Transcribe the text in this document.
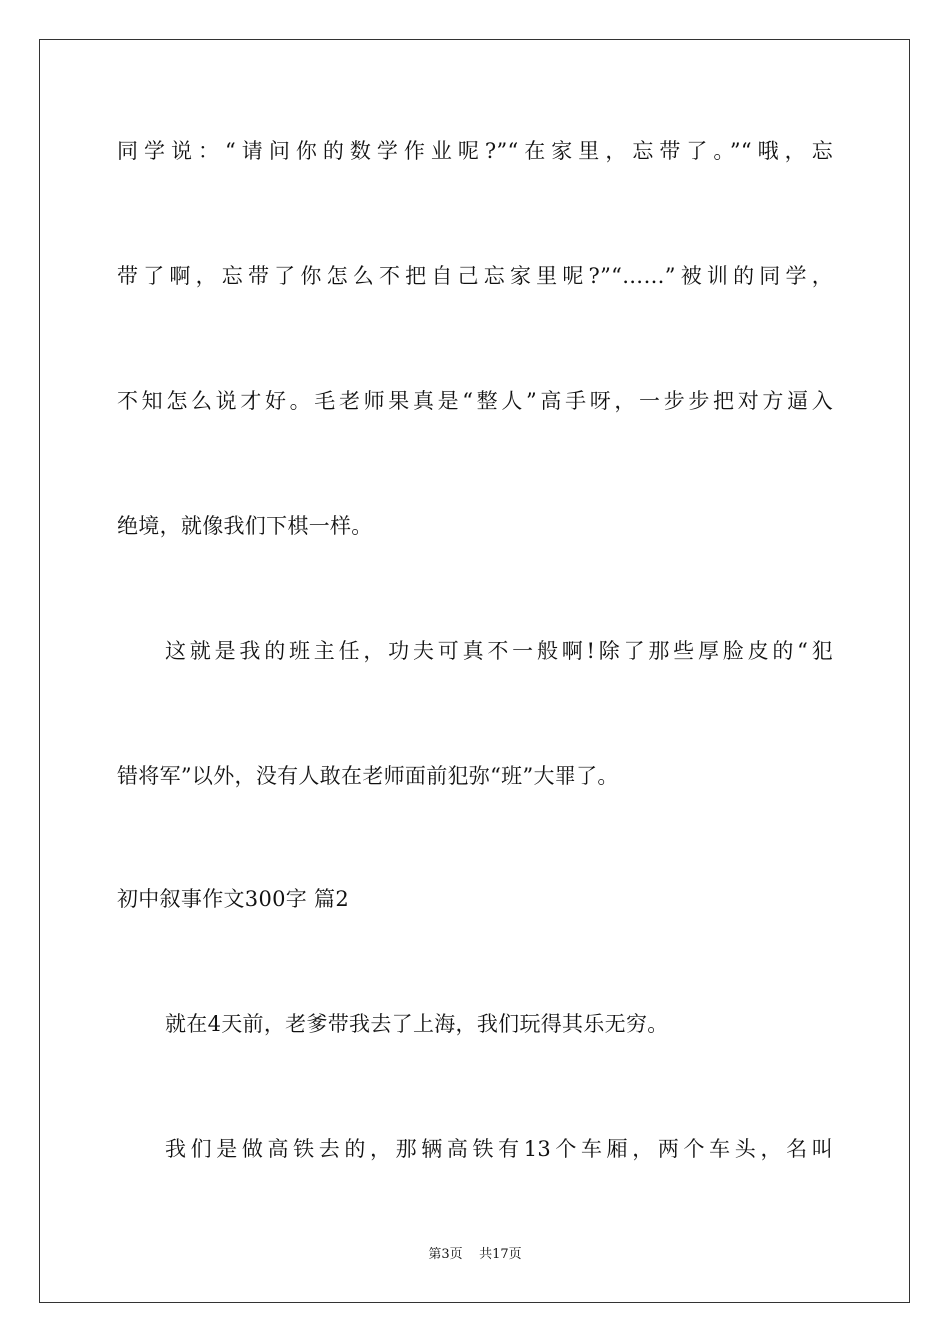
同学说：“请问你的数学作业呢?”“在家里，忘带了。”“哦，忘
带了啊，忘带了你怎么不把自己忘家里呢?”“……”被训的同学，
不知怎么说才好。毛老师果真是“整人”高手呀，一步步把对方逼入
绝境，就像我们下棋一样。
这就是我的班主任，功夫可真不一般啊!除了那些厚脸皮的“犯
错将军”以外，没有人敢在老师面前犯弥“班”大罪了。
初中叙事作文300字 篇2
就在4天前，老爹带我去了上海，我们玩得其乐无穷。
我们是做高铁去的，那辆高铁有13个车厢，两个车头，名叫
第3页    共17页
